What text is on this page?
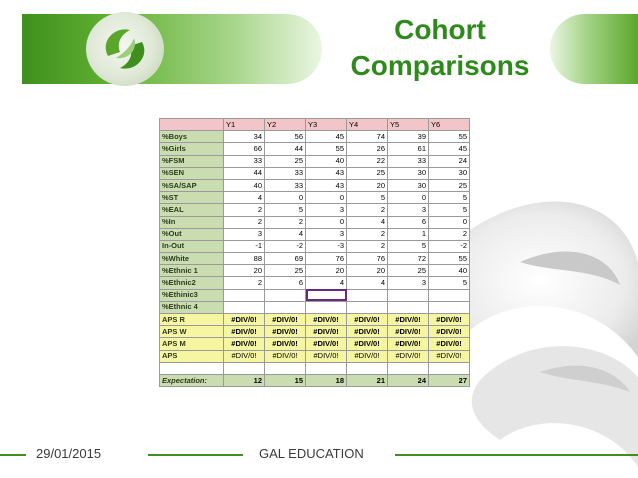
Cohort
Comparisons
	Y1	Y2	Y3	Y4	Y5	Y6
%Boys	34	56	45	74	39	55
%Girls	66	44	55	26	61	45
%FSM	33	25	40	22	33	24
%SEN	44	33	43	25	30	30
%SA/SAP	40	33	43	20	30	25
%ST	4	0	0	5	0	5
%EAL	2	5	3	2	3	5
%In	2	2	0	4	6	0
%Out	3	4	3	2	1	2
In-Out	-1	-2	-3	2	5	-2
%White	88	69	76	76	72	55
%Ethnic 1	20	25	20	20	25	40
%Ethnic2	2	6	4	4	3	5
%Ethinic3						
%Ethnic 4						
APS R	#DIV/0!	#DIV/0!	#DIV/0!	#DIV/0!	#DIV/0!	#DIV/0!
APS W	#DIV/0!	#DIV/0!	#DIV/0!	#DIV/0!	#DIV/0!	#DIV/0!
APS M	#DIV/0!	#DIV/0!	#DIV/0!	#DIV/0!	#DIV/0!	#DIV/0!
APS	#DIV/0!	#DIV/0!	#DIV/0!	#DIV/0!	#DIV/0!	#DIV/0!

Expectation:	12	15	18	21	24	27
29/01/2015	GAL EDUCATION
